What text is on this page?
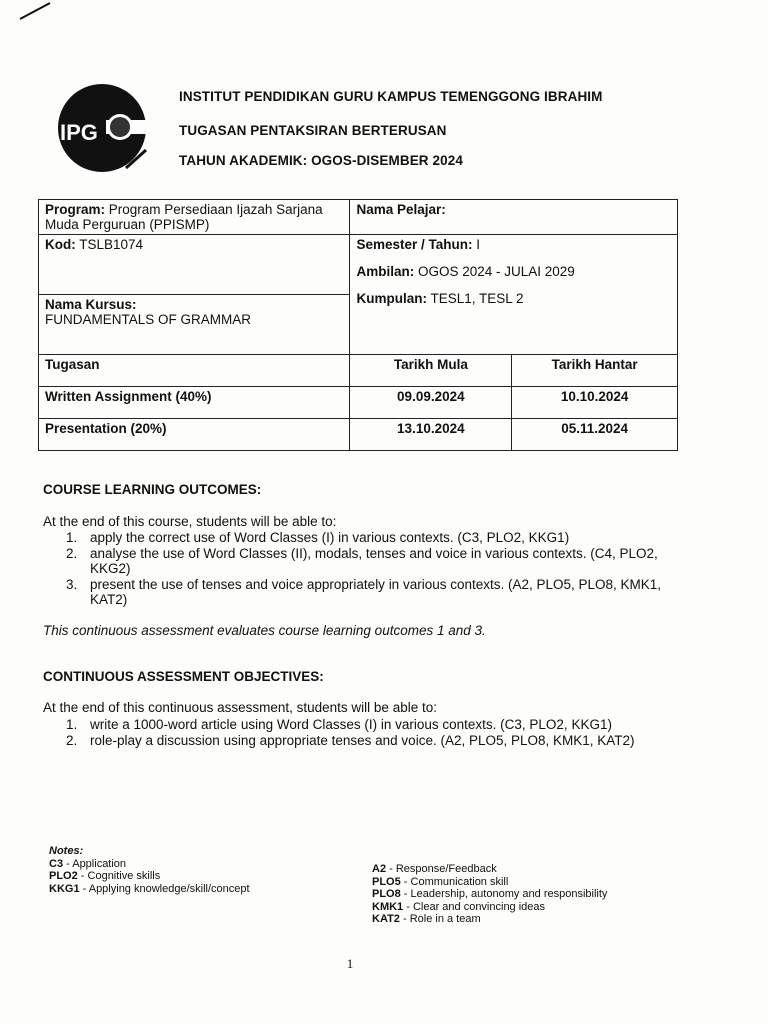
IPG
INSTITUT PENDIDIKAN GURU KAMPUS TEMENGGONG IBRAHIM
TUGASAN PENTAKSIRAN BERTERUSAN
TAHUN AKADEMIK: OGOS-DISEMBER 2024
Program: Program Persediaan Ijazah Sarjana Muda Perguruan (PPISMP)	Nama Pelajar:	
Kod: TSLB1074	Semester / Tahun: I
Ambilan: OGOS 2024 - JULAI 2029
Kumpulan: TESL1, TESL 2	

Nama Kursus:
FUNDAMENTALS OF GRAMMAR		

Tugasan	Tarikh Mula	Tarikh Hantar
Written Assignment (40%)	09.09.2024	10.10.2024
Presentation (20%)	13.10.2024	05.11.2024
COURSE LEARNING OUTCOMES:
At the end of this course, students will be able to:
1. apply the correct use of Word Classes (I) in various contexts. (C3, PLO2, KKG1)
2. analyse the use of Word Classes (II), modals, tenses and voice in various contexts. (C4, PLO2, KKG2)
3. present the use of tenses and voice appropriately in various contexts. (A2, PLO5, PLO8, KMK1, KAT2)
This continuous assessment evaluates course learning outcomes 1 and 3.
CONTINUOUS ASSESSMENT OBJECTIVES:
At the end of this continuous assessment, students will be able to:
1. write a 1000-word article using Word Classes (I) in various contexts. (C3, PLO2, KKG1)
2. role-play a discussion using appropriate tenses and voice. (A2, PLO5, PLO8, KMK1, KAT2)
Notes:
C3 - Application
PLO2 - Cognitive skills
KKG1 - Applying knowledge/skill/concept
A2 - Response/Feedback
PLO5 - Communication skill
PLO8 - Leadership, autonomy and responsibility
KMK1 - Clear and convincing ideas
KAT2 - Role in a team
1
